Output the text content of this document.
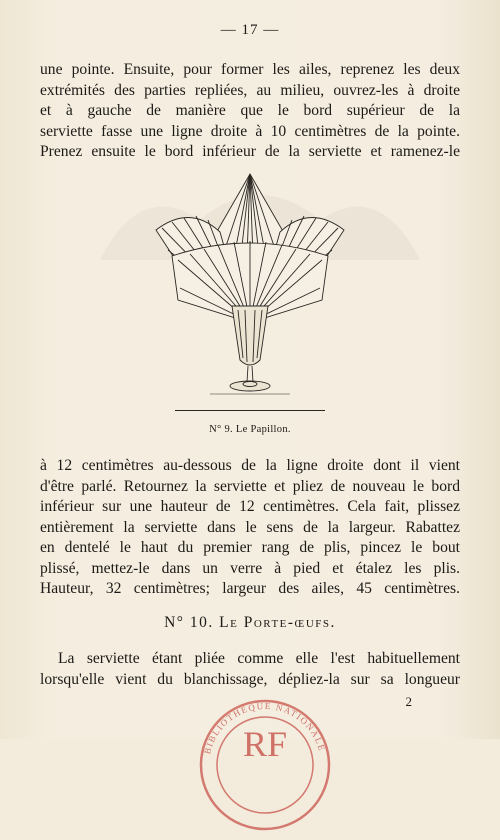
— 17 —
une pointe. Ensuite, pour former les ailes, reprenez les deux
extrémités des parties repliées, au milieu, ouvrez-les à droite
et à gauche de manière que le bord supérieur de la
serviette fasse une ligne droite à 10 centimètres de la pointe.
Prenez ensuite le bord inférieur de la serviette et ramenez-le
N° 9. Le Papillon.
à 12 centimètres au-dessous de la ligne droite dont il vient
d'être parlé. Retournez la serviette et pliez de nouveau le bord
inférieur sur une hauteur de 12 centimètres. Cela fait, plissez
entièrement la serviette dans le sens de la largeur. Rabattez
en dentelé le haut du premier rang de plis, pincez le bout
plissé, mettez-le dans un verre à pied et étalez les plis.
Hauteur, 32 centimètres; largeur des ailes, 45 centimètres.
N° 10. Le Porte-œufs.
La serviette étant pliée comme elle l'est habituellement
lorsqu'elle vient du blanchissage, dépliez-la sur sa longueur
BIBLIOTHÈQUE NATIONALE
RF
2
